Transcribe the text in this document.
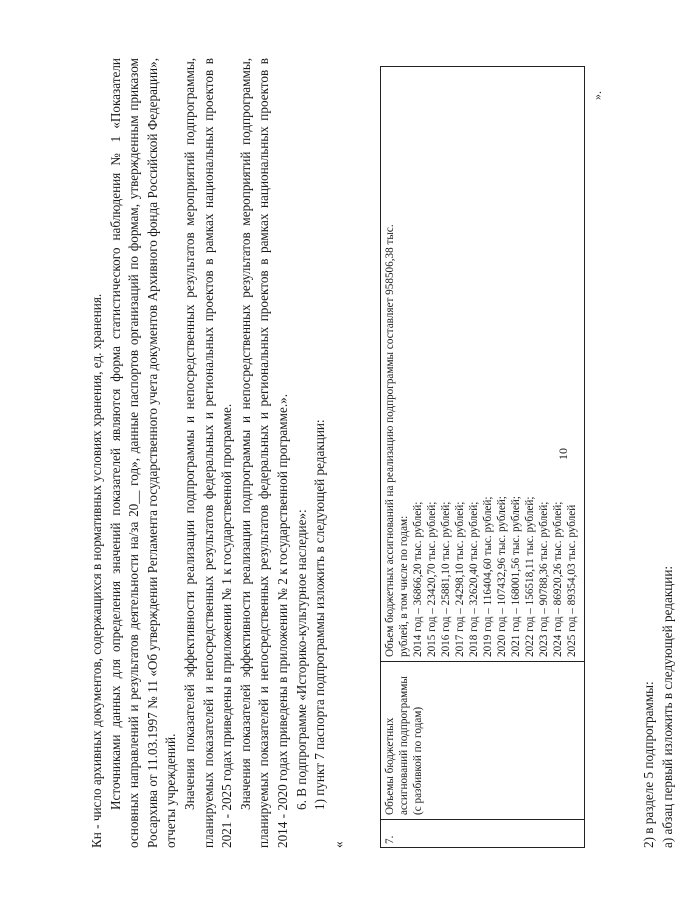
10

Кн - число архивных документов, содержащихся в нормативных условиях хранения, ед. хранения. Источниками данных для определения значений показателей являются форма статистического наблюдения № 1 «Показатели основных направлений и результатов деятельности на/за 20__ год», данные паспортов организаций по формам, утвержденным приказом Росархива от 11.03.1997 № 11 «Об утверждении Регламента государственного учета документов Архивного фонда Российской Федерации», отчеты учреждений. Значения показателей эффективности реализации подпрограммы и непосредственных результатов мероприятий подпрограммы, планируемых показателей и непосредственных результатов федеральных и региональных проектов в рамках национальных проектов в 2021 - 2025 годах приведены в приложении № 1 к государственной программе. Значения показателей эффективности реализации подпрограммы и непосредственных результатов мероприятий подпрограммы, планируемых показателей и непосредственных результатов федеральных и региональных проектов в рамках национальных проектов в 2014 - 2020 годах приведены в приложении № 2 к государственной программе.». 6. В подпрограмме «Историко-культурное наследие»: 1) пункт 7 паспорта подпрограммы изложить в следующей редакции:

«

7.
Объемы бюджетных ассигнований подпрограммы (с разбивкой по годам)
Объем бюджетных ассигнований на реализацию подпрограммы составляет 958506,38 тыс. рублей, в том числе по годам: 2014 год – 36866,20 тыс. рублей; 2015 год – 23420,70 тыс. рублей; 2016 год – 25881,10 тыс. рублей; 2017 год – 24298,10 тыс. рублей; 2018 год – 32620,40 тыс. рублей; 2019 год – 116404,60 тыс. рублей; 2020 год – 107432,96 тыс. рублей; 2021 год – 168001,56 тыс. рублей; 2022 год – 156518,11 тыс. рублей; 2023 год – 90788,36 тыс. рублей; 2024 год – 86920,26 тыс. рублей; 2025 год – 89354,03 тыс. рублей
».
2) в разделе 5 подпрограммы: а) абзац первый изложить в следующей редакции:
